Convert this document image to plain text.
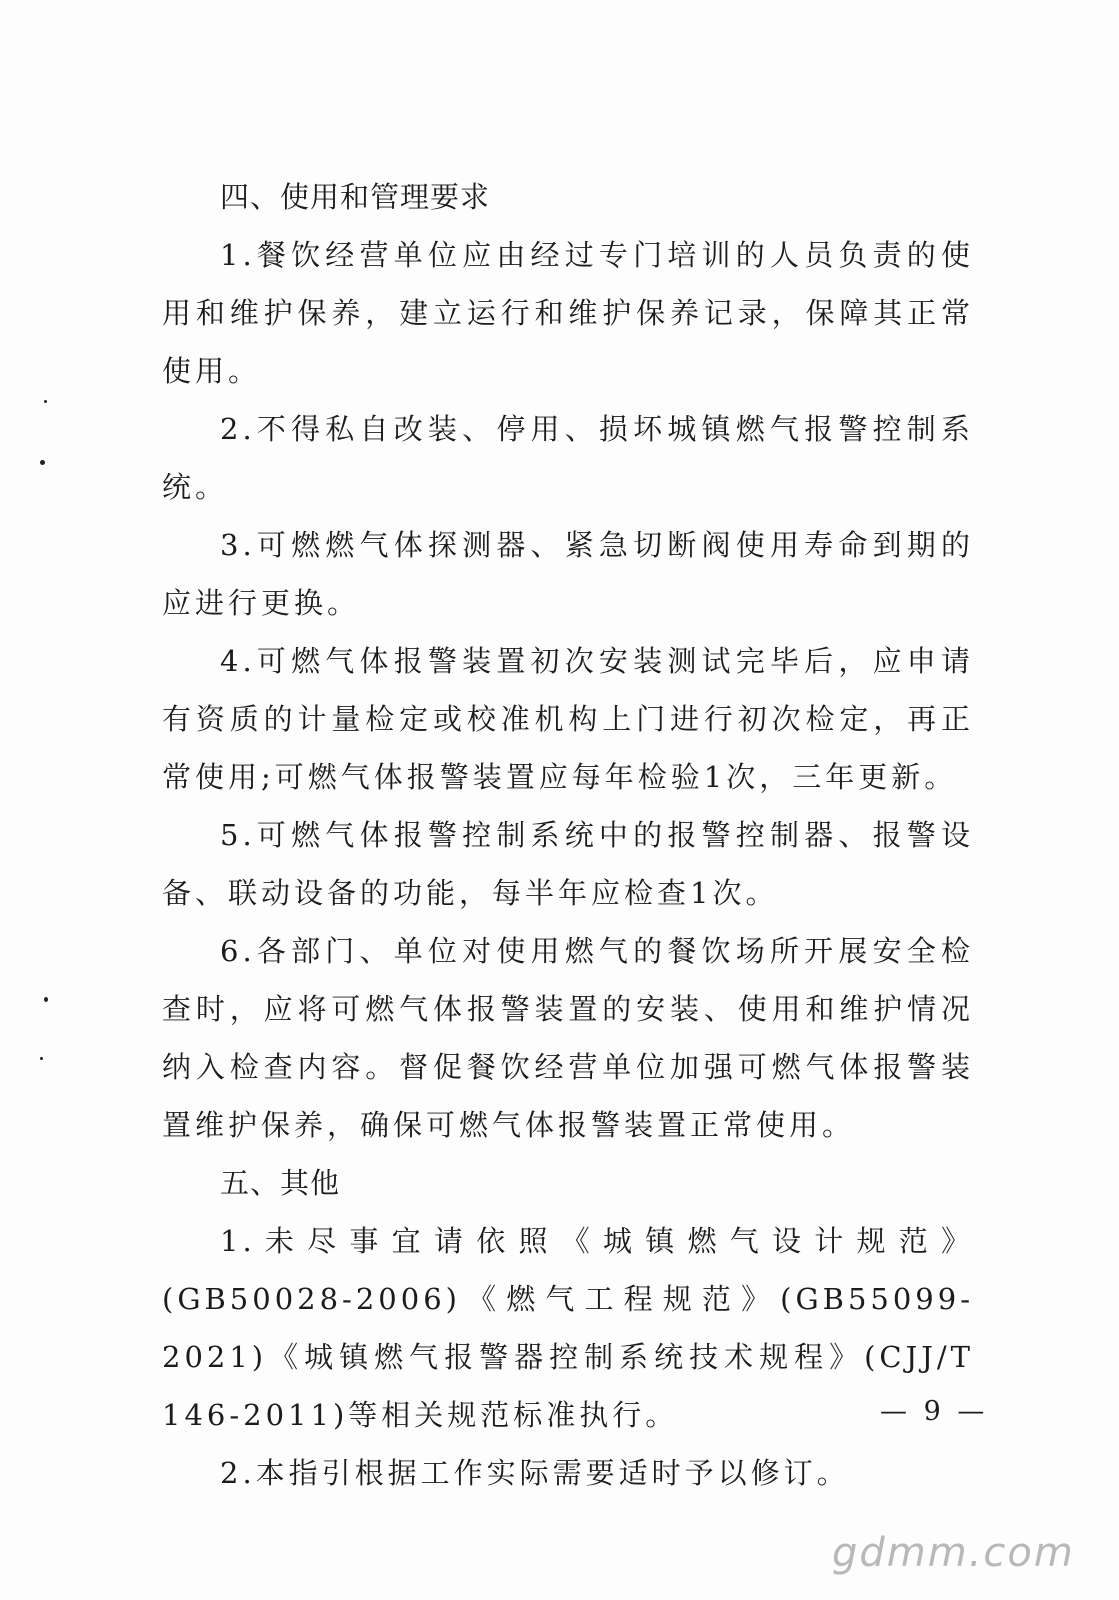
四、使用和管理要求

1.餐饮经营单位应由经过专门培训的人员负责的使用和维护保养，建立运行和维护保养记录，保障其正常使用。

2.不得私自改装、停用、损坏城镇燃气报警控制系统。

3.可燃燃气体探测器、紧急切断阀使用寿命到期的应进行更换。

4.可燃气体报警装置初次安装测试完毕后，应申请有资质的计量检定或校准机构上门进行初次检定，再正常使用;可燃气体报警装置应每年检验1次，三年更新。

5.可燃气体报警控制系统中的报警控制器、报警设备、联动设备的功能，每半年应检查1次。

6.各部门、单位对使用燃气的餐饮场所开展安全检查时，应将可燃气体报警装置的安装、使用和维护情况纳入检查内容。督促餐饮经营单位加强可燃气体报警装置维护保养，确保可燃气体报警装置正常使用。

五、其他

1.未尽事宜请依照《城镇燃气设计规范》(GB50028-2006)《燃气工程规范》(GB55099-2021)《城镇燃气报警器控制系统技术规程》(CJJ/T 146-2011)等相关规范标准执行。

2.本指引根据工作实际需要适时予以修订。

— 9 —
gdmm.com
